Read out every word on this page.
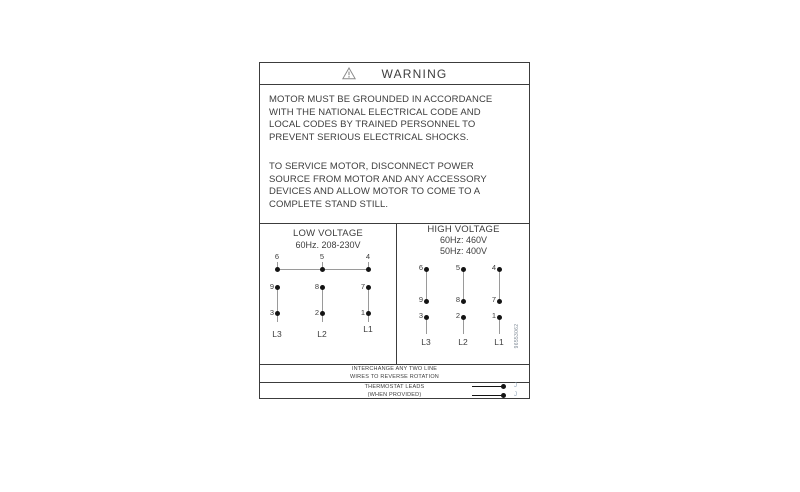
WARNING
MOTOR MUST BE GROUNDED IN ACCORDANCE
WITH THE NATIONAL ELECTRICAL CODE AND
LOCAL CODES BY TRAINED PERSONNEL TO
PREVENT SERIOUS ELECTRICAL SHOCKS.
TO SERVICE MOTOR, DISCONNECT POWER
SOURCE FROM MOTOR AND ANY ACCESSORY
DEVICES AND ALLOW MOTOR TO COME TO A
COMPLETE STAND STILL.
LOW VOLTAGE
60Hz. 208-230V
6	5	4
9	8	7
3	2	1
L3	L2	L1
HIGH VOLTAGE
60Hz: 460V
50Hz: 400V
6	5	4
9	8	7
3	2	1
L3	L2	L1	96553062
INTERCHANGE ANY TWO LINE
WIRES TO REVERSE ROTATION
THERMOSTAT LEADS
(WHEN PROVIDED)
J
J
